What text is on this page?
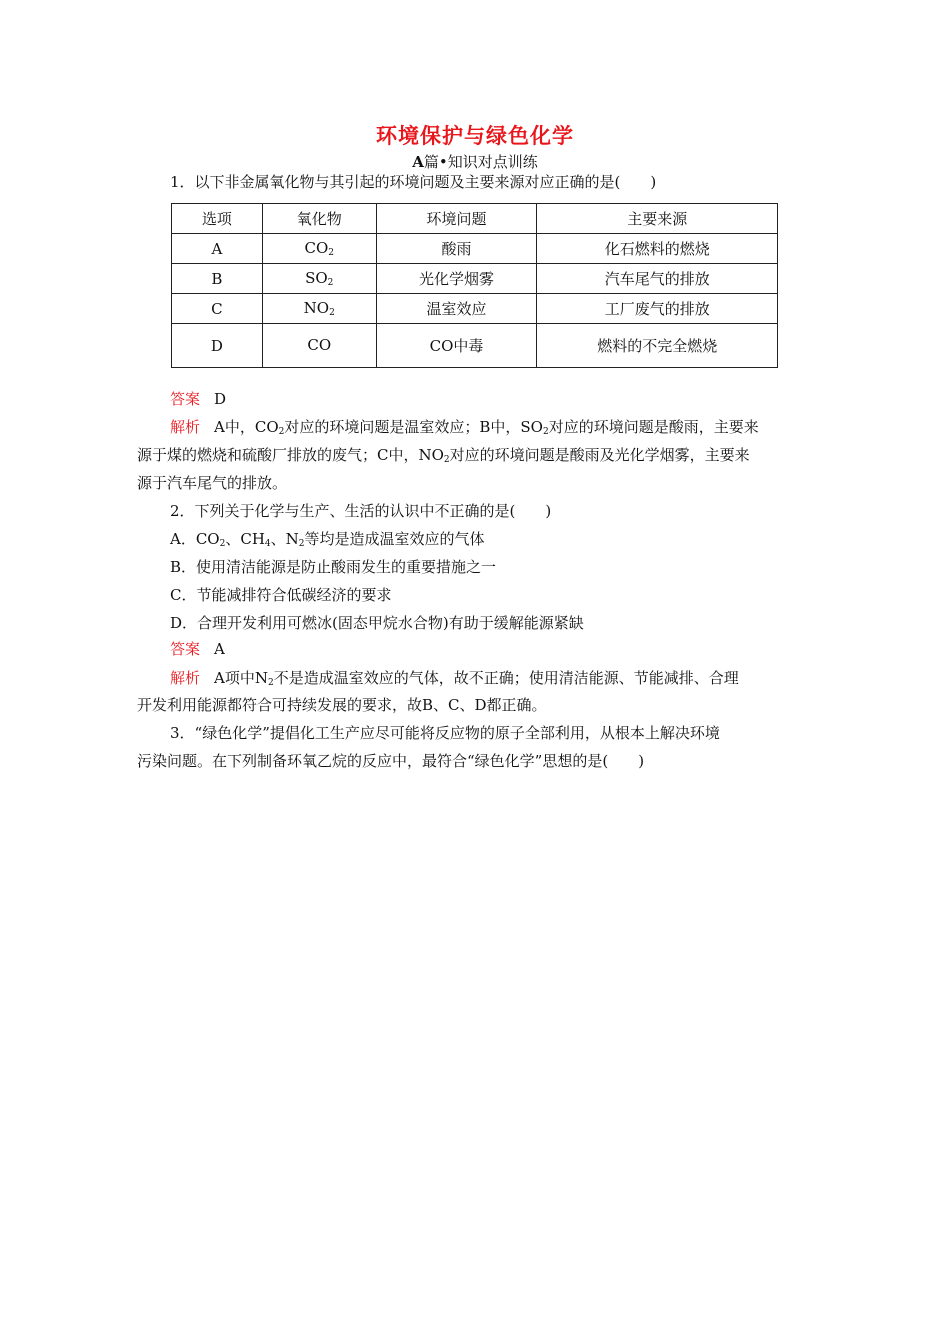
环境保护与绿色化学
A篇•知识对点训练
1．以下非金属氧化物与其引起的环境问题及主要来源对应正确的是(　　)
选项	氧化物	环境问题	主要来源
A	$CO_2$	酸雨	化石燃料的燃烧
B	$SO_2$	光化学烟雾	汽车尾气的排放
C	$NO_2$	温室效应	工厂废气的排放
D	CO	CO中毒	燃料的不完全燃烧
答案 D
解析 A中，$CO_2$对应的环境问题是温室效应；B中，$SO_2$对应的环境问题是酸雨，主要来
源于煤的燃烧和硫酸厂排放的废气；C中，$NO_2$对应的环境问题是酸雨及光化学烟雾，主要来
源于汽车尾气的排放。
2．下列关于化学与生产、生活的认识中不正确的是(　　)
A．$CO_2$、$CH_4$、$N_2$等均是造成温室效应的气体
B．使用清洁能源是防止酸雨发生的重要措施之一
C．节能减排符合低碳经济的要求
D．合理开发利用可燃冰(固态甲烷水合物)有助于缓解能源紧缺
答案 A
解析 A项中$N_2$不是造成温室效应的气体，故不正确；使用清洁能源、节能减排、合理
开发利用能源都符合可持续发展的要求，故B、C、D都正确。
3．“绿色化学”提倡化工生产应尽可能将反应物的原子全部利用，从根本上解决环境
污染问题。在下列制备环氧乙烷的反应中，最符合“绿色化学”思想的是(　　)
